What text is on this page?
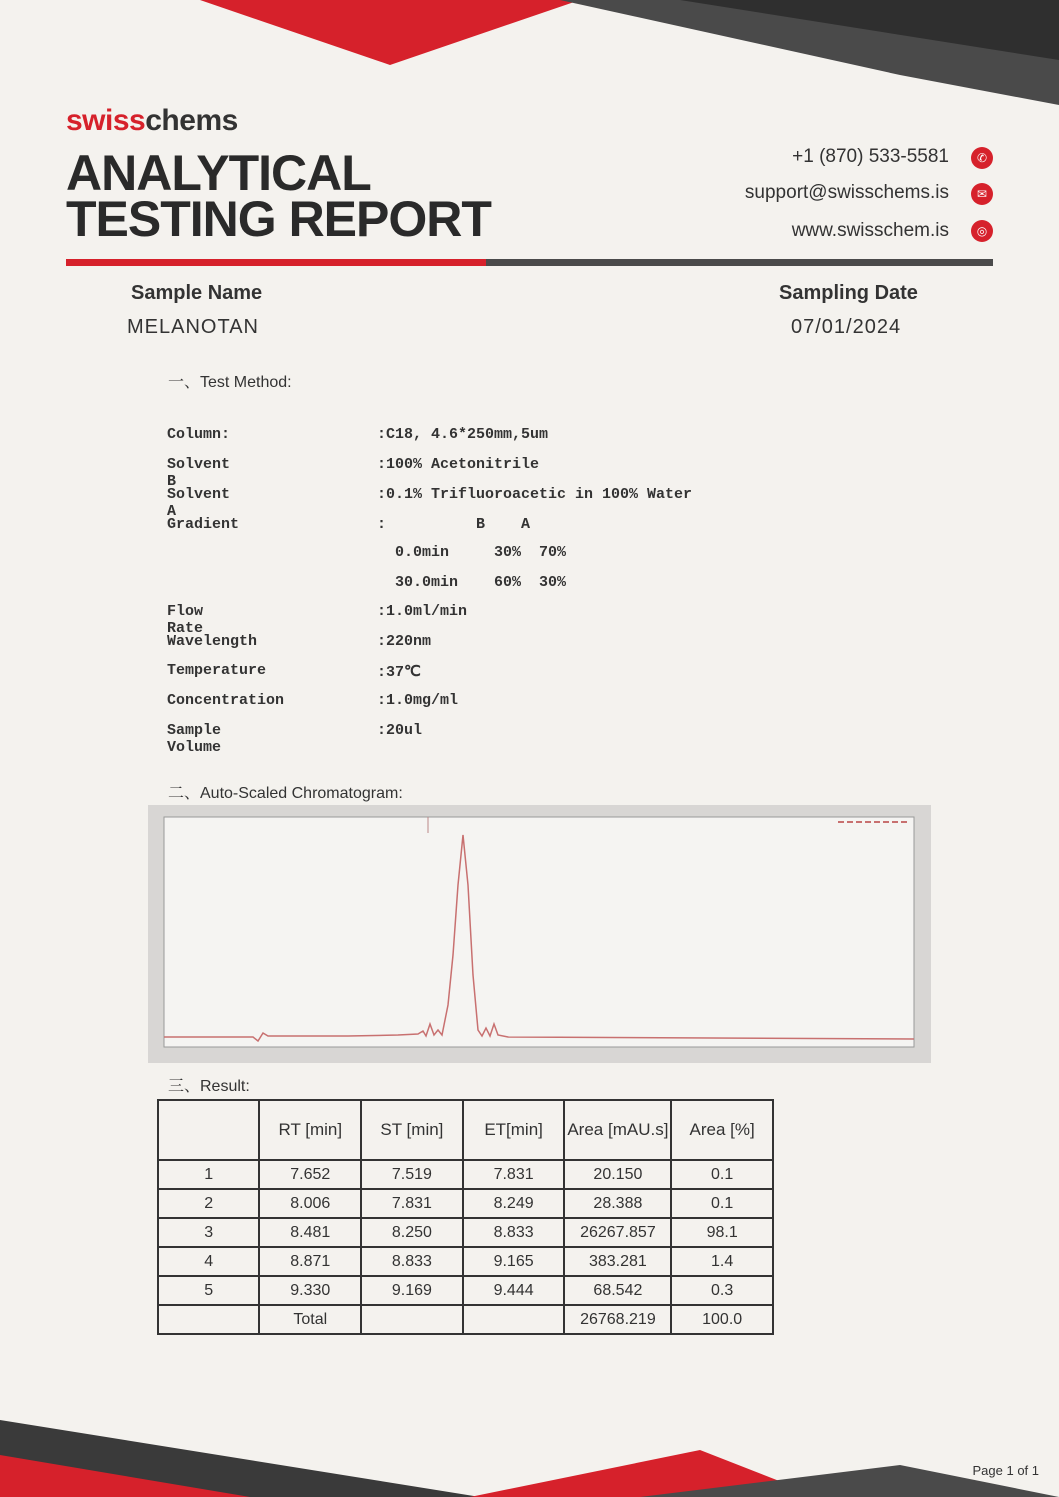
swisschems
ANALYTICAL
TESTING REPORT
+1 (870) 533-5581	✆
support@swisschems.is	✉
www.swisschem.is	◎
Sample Name
MELANOTAN
Sampling Date
07/01/2024
一、Test Method:
Column:	:C18, 4.6*250mm,5um
Solvent B
:100% Acetonitrile
Solvent A
:0.1% Trifluoroacetic in 100% Water
Gradient	:          B    A
0.0min     30%  70%
30.0min    60%  30%
Flow Rate
:1.0ml/min
Wavelength	:220nm
Temperature	:37℃
Concentration	:1.0mg/ml
Sample Volume
:20ul
二、Auto-Scaled Chromatogram:
三、Result:
	RT [min]	ST [min]	ET[min]	Area [mAU.s]	Area [%]
1	7.652	7.519	7.831	20.150	0.1
2	8.006	7.831	8.249	28.388	0.1
3	8.481	8.250	8.833	26267.857	98.1
4	8.871	8.833	9.165	383.281	1.4
5	9.330	9.169	9.444	68.542	0.3
	Total			26768.219	100.0
Page 1 of 1
